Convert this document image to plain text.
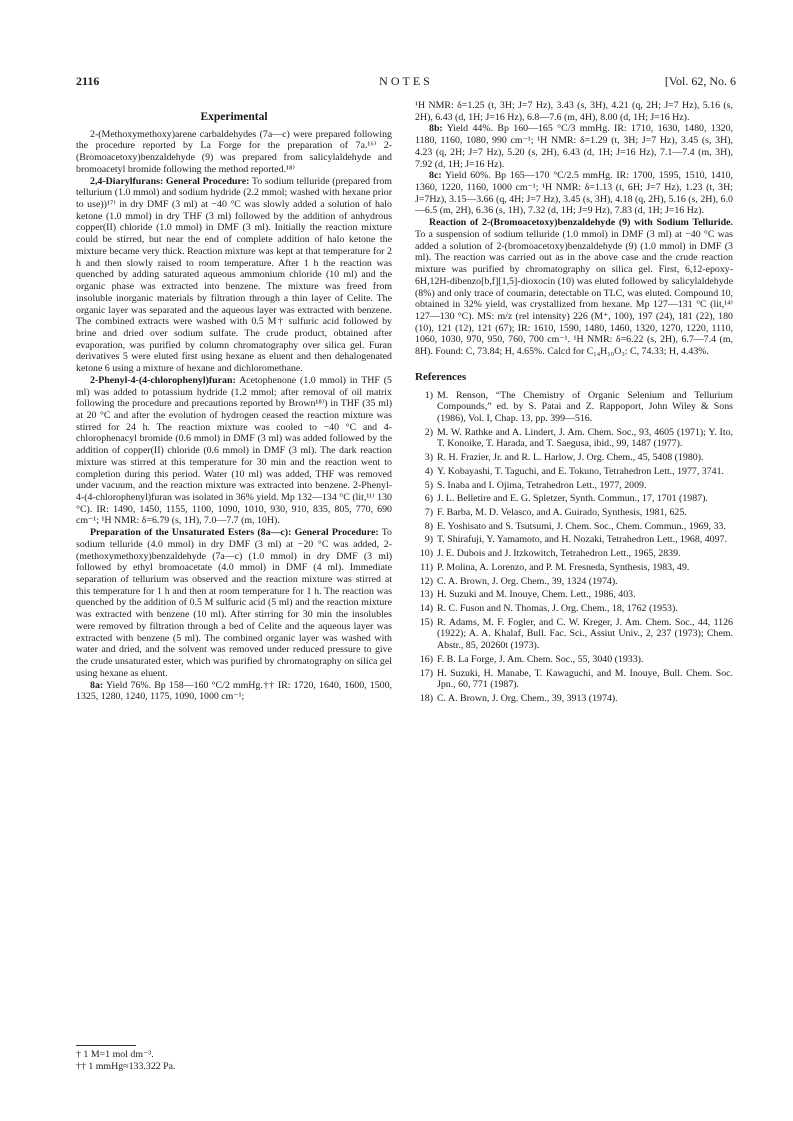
2116	NOTES	[Vol. 62, No. 6
Experimental

2-(Methoxymethoxy)arene carbaldehydes (7a—c) were prepared following the procedure reported by La Forge for the preparation of 7a.¹⁶⁾ 2-(Bromoacetoxy)benzaldehyde (9) was prepared from salicylaldehyde and bromoacetyl bromide following the method reported.¹⁸⁾

2,4-Diarylfurans: General Procedure: To sodium telluride (prepared from tellurium (1.0 mmol) and sodium hydride (2.2 mmol; washed with hexane prior to use))¹⁷⁾ in dry DMF (3 ml) at −40 °C was slowly added a solution of halo ketone (1.0 mmol) in dry THF (3 ml) followed by the addition of anhydrous copper(II) chloride (1.0 mmol) in DMF (3 ml). Initially the reaction mixture could be stirred, but near the end of complete addition of halo ketone the mixture became very thick. Reaction mixture was kept at that temperature for 2 h and then slowly raised to room temperature. After 1 h the reaction was quenched by adding saturated aqueous ammonium chloride (10 ml) and the organic phase was extracted into benzene. The mixture was freed from insoluble inorganic materials by filtration through a thin layer of Celite. The organic layer was separated and the aqueous layer was extracted with benzene. The combined extracts were washed with 0.5 M† sulfuric acid followed by brine and dried over sodium sulfate. The crude product, obtained after evaporation, was purified by column chromatography over silica gel. Furan derivatives 5 were eluted first using hexane as eluent and then dehalogenated ketone 6 using a mixture of hexane and dichloromethane.

2-Phenyl-4-(4-chlorophenyl)furan: Acetophenone (1.0 mmol) in THF (5 ml) was added to potassium hydride (1.2 mmol; after removal of oil matrix following the procedure and precautions reported by Brown¹⁸⁾) in THF (35 ml) at 20 °C and after the evolution of hydrogen ceased the reaction mixture was stirred for 24 h. The reaction mixture was cooled to −40 °C and 4-chlorophenacyl bromide (0.6 mmol) in DMF (3 ml) was added followed by the addition of copper(II) chloride (0.6 mmol) in DMF (3 ml). The dark reaction mixture was stirred at this temperature for 30 min and the reaction went to completion during this period. Water (10 ml) was added, THF was removed under vacuum, and the reaction mixture was extracted into benzene. 2-Phenyl-4-(4-chlorophenyl)furan was isolated in 36% yield. Mp 132—134 °C (lit,¹¹⁾ 130 °C). IR: 1490, 1450, 1155, 1100, 1090, 1010, 930, 910, 835, 805, 770, 690 cm⁻¹; ¹H NMR: δ=6.79 (s, 1H), 7.0—7.7 (m, 10H).

Preparation of the Unsaturated Esters (8a—c): General Procedure: To sodium telluride (4.0 mmol) in dry DMF (3 ml) at −20 °C was added, 2-(methoxymethoxy)benzaldehyde (7a—c) (1.0 mmol) in dry DMF (3 ml) followed by ethyl bromoacetate (4.0 mmol) in DMF (4 ml). Immediate separation of tellurium was observed and the reaction mixture was stirred at this temperature for 1 h and then at room temperature for 1 h. The reaction was quenched by the addition of 0.5 M sulfuric acid (5 ml) and the reaction mixture was extracted with benzene (10 ml). After stirring for 30 min the insolubles were removed by filtration through a bed of Celite and the aqueous layer was extracted with benzene (5 ml). The combined organic layer was washed with water and dried, and the solvent was removed under reduced pressure to give the crude unsaturated ester, which was purified by chromatography on silica gel using hexane as eluent.

8a: Yield 76%. Bp 158—160 °C/2 mmHg.†† IR: 1720, 1640, 1600, 1500, 1325, 1280, 1240, 1175, 1090, 1000 cm⁻¹;

† 1 M=1 mol dm⁻³.
†† 1 mmHg≈133.322 Pa.

¹H NMR: δ=1.25 (t, 3H; J=7 Hz), 3.43 (s, 3H), 4.21 (q, 2H; J=7 Hz), 5.16 (s, 2H), 6.43 (d, 1H; J=16 Hz), 6.8—7.6 (m, 4H), 8.00 (d, 1H; J=16 Hz).

8b: Yield 44%. Bp 160—165 °C/3 mmHg. IR: 1710, 1630, 1480, 1320, 1180, 1160, 1080, 990 cm⁻¹; ¹H NMR: δ=1.29 (t, 3H; J=7 Hz), 3.45 (s, 3H), 4.23 (q, 2H; J=7 Hz), 5.20 (s, 2H), 6.43 (d, 1H; J=16 Hz), 7.1—7.4 (m, 3H), 7.92 (d, 1H; J=16 Hz).

8c: Yield 60%. Bp 165—170 °C/2.5 mmHg. IR: 1700, 1595, 1510, 1410, 1360, 1220, 1160, 1000 cm⁻¹; ¹H NMR: δ=1.13 (t, 6H; J=7 Hz), 1.23 (t, 3H; J=7Hz), 3.15—3.66 (q, 4H; J=7 Hz), 3.45 (s, 3H), 4.18 (q, 2H), 5.16 (s, 2H), 6.0—6.5 (m, 2H), 6.36 (s, 1H), 7.32 (d, 1H; J=9 Hz), 7.83 (d, 1H; J=16 Hz).

Reaction of 2-(Bromoacetoxy)benzaldehyde (9) with Sodium Telluride. To a suspension of sodium telluride (1.0 mmol) in DMF (3 ml) at −40 °C was added a solution of 2-(bromoacetoxy)benzaldehyde (9) (1.0 mmol) in DMF (3 ml). The reaction was carried out as in the above case and the crude reaction mixture was purified by chromatography on silica gel. First, 6,12-epoxy-6H,12H-dibenzo[b,f][1,5]-dioxocin (10) was eluted followed by salicylaldehyde (8%) and only trace of coumarin, detectable on TLC, was eluted. Compound 10, obtained in 32% yield, was crystallized from hexane. Mp 127—131 °C (lit,¹⁴⁾ 127—130 °C). MS: m/z (rel intensity) 226 (M⁺, 100), 197 (24), 181 (22), 180 (10), 121 (12), 121 (67); IR: 1610, 1590, 1480, 1460, 1320, 1270, 1220, 1110, 1060, 1030, 970, 950, 760, 700 cm⁻¹. ¹H NMR: δ=6.22 (s, 2H), 6.7—7.4 (m, 8H). Found: C, 73.84; H, 4.65%. Calcd for C₁₄H₁₀O₃: C, 74.33; H, 4.43%.

References
1) M. Renson, “The Chemistry of Organic Selenium and Tellurium Compounds,” ed. by S. Patai and Z. Rappoport, John Wiley & Sons (1986), Vol. I, Chap. 13, pp. 399—516.
2) M. W. Rathke and A. Lindert, J. Am. Chem. Soc., 93, 4605 (1971); Y. Ito, T. Konoike, T. Harada, and T. Saegusa, ibid., 99, 1487 (1977).
3) R. H. Frazier, Jr. and R. L. Harlow, J. Org. Chem., 45, 5408 (1980).
4) Y. Kobayashi, T. Taguchi, and E. Tokuno, Tetrahedron Lett., 1977, 3741.
5) S. Inaba and I. Ojima, Tetrahedron Lett., 1977, 2009.
6) J. L. Belletire and E. G. Spletzer, Synth. Commun., 17, 1701 (1987).
7) F. Barba, M. D. Velasco, and A. Guirado, Synthesis, 1981, 625.
8) E. Yoshisato and S. Tsutsumi, J. Chem. Soc., Chem. Commun., 1969, 33.
9) T. Shirafuji, Y. Yamamoto, and H. Nozaki, Tetrahedron Lett., 1968, 4097.
10) J. E. Dubois and J. Itzkowitch, Tetrahedron Lett., 1965, 2839.
11) P. Molina, A. Lorenzo, and P. M. Fresneda, Synthesis, 1983, 49.
12) C. A. Brown, J. Org. Chem., 39, 1324 (1974).
13) H. Suzuki and M. Inouye, Chem. Lett., 1986, 403.
14) R. C. Fuson and N. Thomas, J. Org. Chem., 18, 1762 (1953).
15) R. Adams, M. F. Fogler, and C. W. Kreger, J. Am. Chem. Soc., 44, 1126 (1922); A. A. Khalaf, Bull. Fac. Sci., Assiut Univ., 2, 237 (1973); Chem. Abstr., 85, 20260t (1973).
16) F. B. La Forge, J. Am. Chem. Soc., 55, 3040 (1933).
17) H. Suzuki, H. Manabe, T. Kawaguchi, and M. Inouye, Bull. Chem. Soc. Jpn., 60, 771 (1987).
18) C. A. Brown, J. Org. Chem., 39, 3913 (1974).
